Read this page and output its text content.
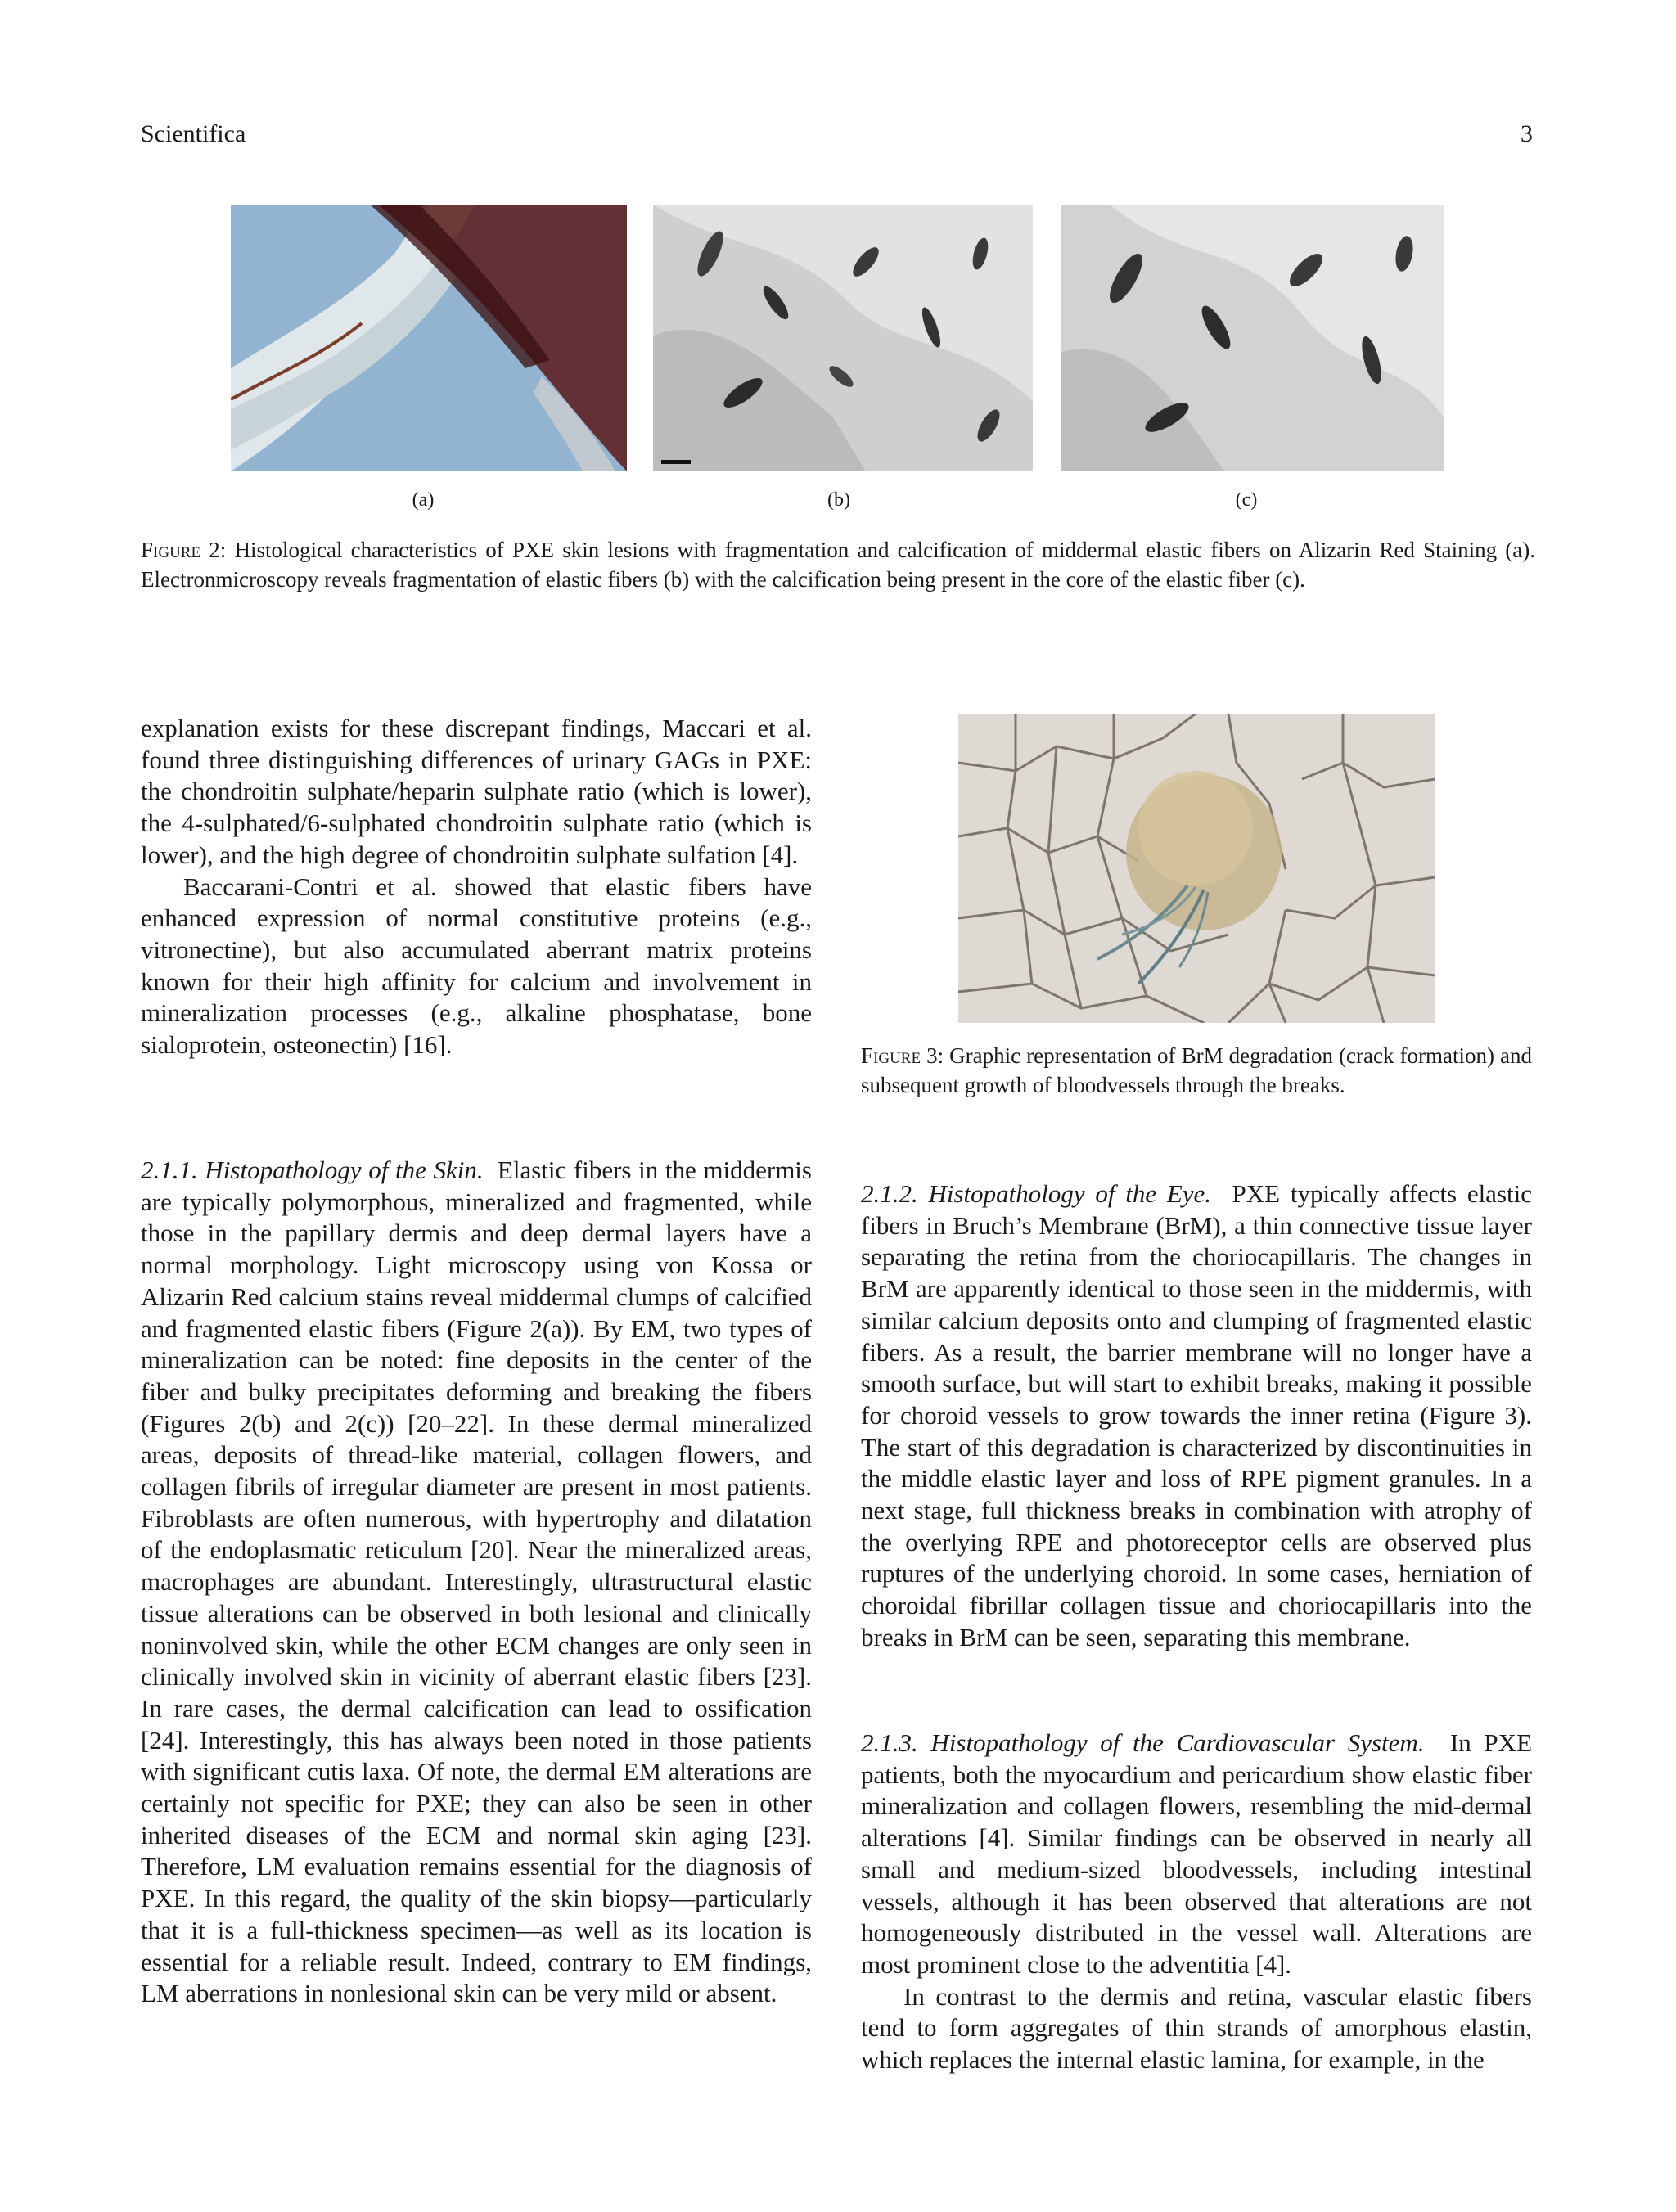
Scientifica	3
(a)	(b)	(c)
Figure 2: Histological characteristics of PXE skin lesions with fragmentation and calcification of middermal elastic fibers on Alizarin Red Staining (a). Electronmicroscopy reveals fragmentation of elastic fibers (b) with the calcification being present in the core of the elastic fiber (c).

explanation exists for these discrepant findings, Maccari et al. found three distinguishing differences of urinary GAGs in PXE: the chondroitin sulphate/heparin sulphate ratio (which is lower), the 4-sulphated/6-sulphated chondroitin sulphate ratio (which is lower), and the high degree of chondroitin sulphate sulfation [4].

Baccarani-Contri et al. showed that elastic fibers have enhanced expression of normal constitutive proteins (e.g., vitronectine), but also accumulated aberrant matrix proteins known for their high affinity for calcium and involvement in mineralization processes (e.g., alkaline phosphatase, bone sialoprotein, osteonectin) [16].

2.1.1. Histopathology of the Skin. Elastic fibers in the middermis are typically polymorphous, mineralized and fragmented, while those in the papillary dermis and deep dermal layers have a normal morphology. Light microscopy using von Kossa or Alizarin Red calcium stains reveal middermal clumps of calcified and fragmented elastic fibers (Figure 2(a)). By EM, two types of mineralization can be noted: fine deposits in the center of the fiber and bulky precipitates deforming and breaking the fibers (Figures 2(b) and 2(c)) [20–22]. In these dermal mineralized areas, deposits of thread-like material, collagen flowers, and collagen fibrils of irregular diameter are present in most patients. Fibroblasts are often numerous, with hypertrophy and dilatation of the endoplasmatic reticulum [20]. Near the mineralized areas, macrophages are abundant. Interestingly, ultrastructural elastic tissue alterations can be observed in both lesional and clinically noninvolved skin, while the other ECM changes are only seen in clinically involved skin in vicinity of aberrant elastic fibers [23]. In rare cases, the dermal calcification can lead to ossification [24]. Interestingly, this has always been noted in those patients with significant cutis laxa. Of note, the dermal EM alterations are certainly not specific for PXE; they can also be seen in other inherited diseases of the ECM and normal skin aging [23]. Therefore, LM evaluation remains essential for the diagnosis of PXE. In this regard, the quality of the skin biopsy—particularly that it is a full-thickness specimen—as well as its location is essential for a reliable result. Indeed, contrary to EM findings, LM aberrations in nonlesional skin can be very mild or absent.

Figure 3: Graphic representation of BrM degradation (crack formation) and subsequent growth of bloodvessels through the breaks.

2.1.2. Histopathology of the Eye. PXE typically affects elastic fibers in Bruch’s Membrane (BrM), a thin connective tissue layer separating the retina from the choriocapillaris. The changes in BrM are apparently identical to those seen in the middermis, with similar calcium deposits onto and clumping of fragmented elastic fibers. As a result, the barrier membrane will no longer have a smooth surface, but will start to exhibit breaks, making it possible for choroid vessels to grow towards the inner retina (Figure 3). The start of this degradation is characterized by discontinuities in the middle elastic layer and loss of RPE pigment granules. In a next stage, full thickness breaks in combination with atrophy of the overlying RPE and photoreceptor cells are observed plus ruptures of the underlying choroid. In some cases, herniation of choroidal fibrillar collagen tissue and choriocapillaris into the breaks in BrM can be seen, separating this membrane.

2.1.3. Histopathology of the Cardiovascular System. In PXE patients, both the myocardium and pericardium show elastic fiber mineralization and collagen flowers, resembling the mid-dermal alterations [4]. Similar findings can be observed in nearly all small and medium-sized bloodvessels, including intestinal vessels, although it has been observed that alterations are not homogeneously distributed in the vessel wall. Alterations are most prominent close to the adventitia [4].

In contrast to the dermis and retina, vascular elastic fibers tend to form aggregates of thin strands of amorphous elastin, which replaces the internal elastic lamina, for example, in the
